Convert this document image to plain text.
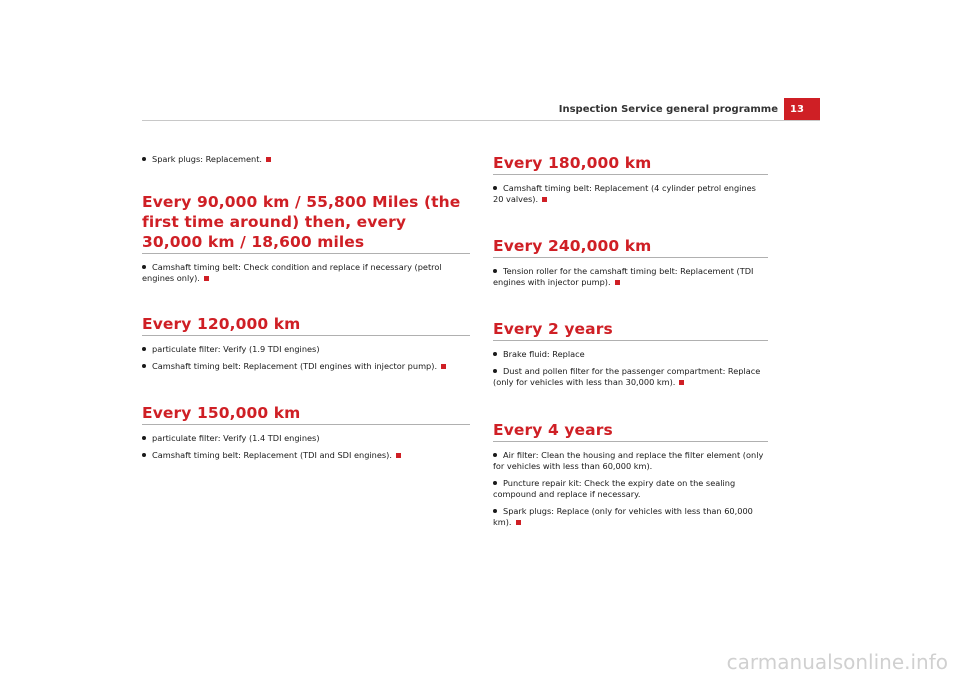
Inspection Service general programme	13
Spark plugs: Replacement.
Every 90,000 km / 55,800 Miles (the first time around) then, every 30,000 km / 18,600 miles
Camshaft timing belt: Check condition and replace if necessary (petrol engines only).
Every 120,000 km
particulate filter: Verify (1.9 TDI engines)
Camshaft timing belt: Replacement (TDI engines with injector pump).
Every 150,000 km
particulate filter: Verify (1.4 TDI engines)
Camshaft timing belt: Replacement (TDI and SDI engines).
Every 180,000 km
Camshaft timing belt: Replacement (4 cylinder petrol engines 20 valves).
Every 240,000 km
Tension roller for the camshaft timing belt: Replacement (TDI engines with injector pump).
Every 2 years
Brake fluid: Replace
Dust and pollen filter for the passenger compartment: Replace (only for vehicles with less than 30,000 km).
Every 4 years
Air filter: Clean the housing and replace the filter element (only for vehicles with less than 60,000 km).
Puncture repair kit: Check the expiry date on the sealing compound and replace if necessary.
Spark plugs: Replace (only for vehicles with less than 60,000 km).
carmanualsonline.info
